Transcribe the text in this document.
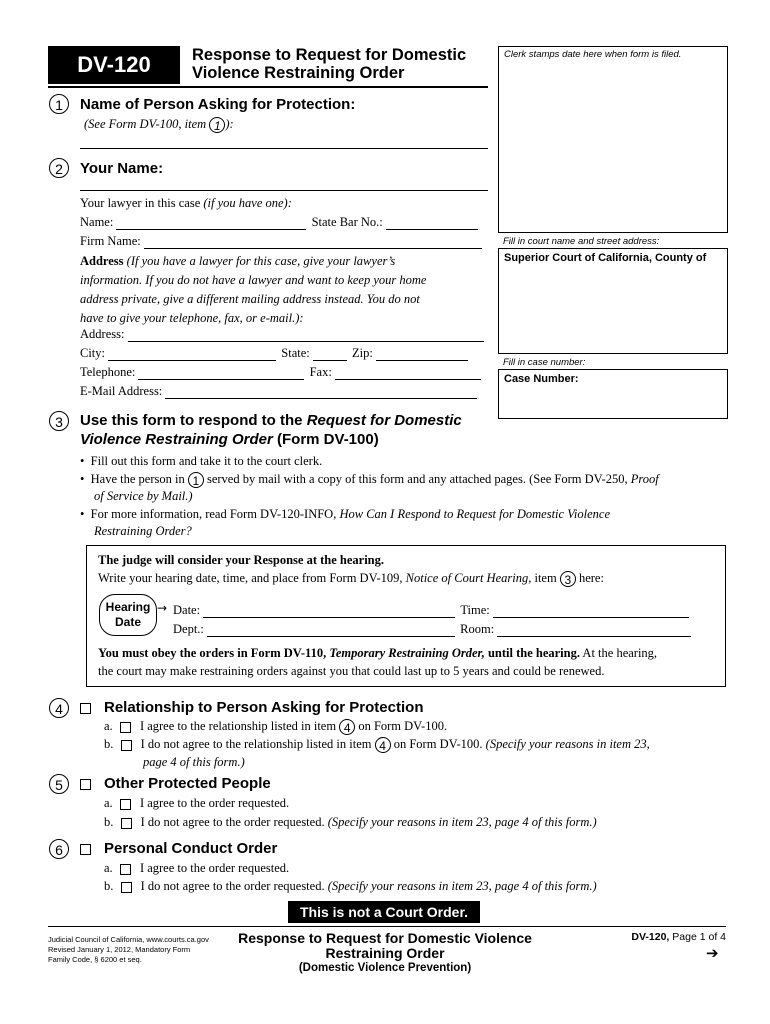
DV-120	Response to Request for Domestic
Violence Restraining Order
Clerk stamps date here when form is filed.
Fill in court name and street address:
Superior Court of California, County of
Fill in case number:
Case Number:
1	Name of Person Asking for Protection:
(See Form DV-100, item 1 ):
2	Your Name:
Your lawyer in this case (if you have one):
Name:	State Bar No.:
Firm Name:
Address (If you have a lawyer for this case, give your lawyer’s
information. If you do not have a lawyer and want to keep your home
address private, give a different mailing address instead. You do not
have to give your telephone, fax, or e-mail.):
Address:
City:	State:	Zip:
Telephone:	Fax:
E-Mail Address:
3	Use this form to respond to the Request for Domestic
Violence Restraining Order (Form DV-100)
•  Fill out this form and take it to the court clerk.
•  Have the person in 1 served by mail with a copy of this form and any attached pages. (See Form DV-250, Proof
of Service by Mail.)
•  For more information, read Form DV-120-INFO, How Can I Respond to Request for Domestic Violence
Restraining Order?
The judge will consider your Response at the hearing.
Write your hearing date, time, and place from Form DV-109, Notice of Court Hearing, item 3 here:
Hearing
Date
→ Date:	Time:
Dept.:	Room:
You must obey the orders in Form DV-110, Temporary Restraining Order, until the hearing. At the hearing,
the court may make restraining orders against you that could last up to 5 years and could be renewed.
4	Relationship to Person Asking for Protection
a. I agree to the relationship listed in item 4 on Form DV-100.
b. I do not agree to the relationship listed in item 4 on Form DV-100. (Specify your reasons in item 23,
page 4 of this form.)
5	Other Protected People
a. I agree to the order requested.
b. I do not agree to the order requested. (Specify your reasons in item 23, page 4 of this form.)
6	Personal Conduct Order
a. I agree to the order requested.
b. I do not agree to the order requested. (Specify your reasons in item 23, page 4 of this form.)
This is not a Court Order.
Judicial Council of California, www.courts.ca.gov
Revised January 1, 2012, Mandatory Form
Family Code, § 6200 et seq.
Response to Request for Domestic Violence
Restraining Order
(Domestic Violence Prevention)
DV-120, Page 1 of 4
➔
